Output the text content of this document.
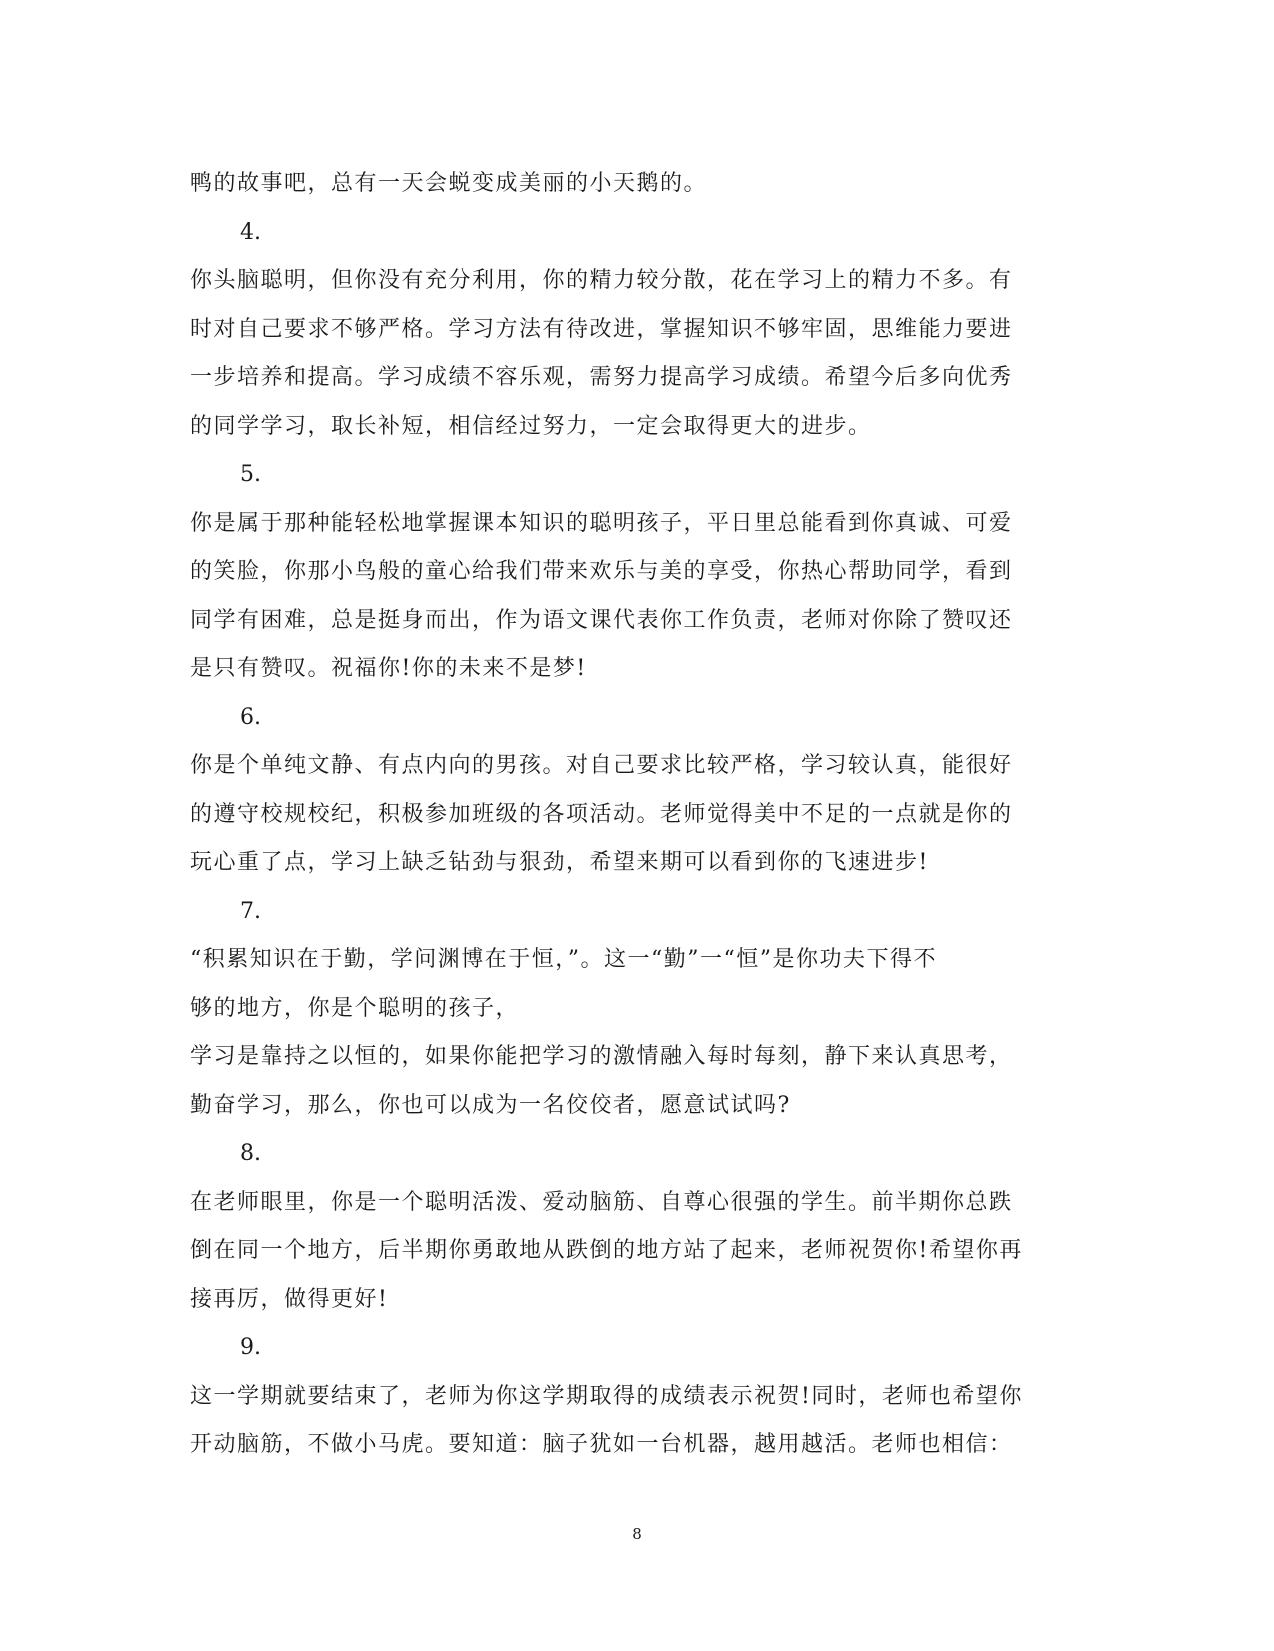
鸭的故事吧，总有一天会蜕变成美丽的小天鹅的。
4.
你头脑聪明，但你没有充分利用，你的精力较分散，花在学习上的精力不多。有
时对自己要求不够严格。学习方法有待改进，掌握知识不够牢固，思维能力要进
一步培养和提高。学习成绩不容乐观，需努力提高学习成绩。希望今后多向优秀
的同学学习，取长补短，相信经过努力，一定会取得更大的进步。
5.
你是属于那种能轻松地掌握课本知识的聪明孩子，平日里总能看到你真诚、可爱
的笑脸，你那小鸟般的童心给我们带来欢乐与美的享受，你热心帮助同学，看到
同学有困难，总是挺身而出，作为语文课代表你工作负责，老师对你除了赞叹还
是只有赞叹。祝福你!你的未来不是梦!
6.
你是个单纯文静、有点内向的男孩。对自己要求比较严格，学习较认真，能很好
的遵守校规校纪，积极参加班级的各项活动。老师觉得美中不足的一点就是你的
玩心重了点，学习上缺乏钻劲与狠劲，希望来期可以看到你的飞速进步!
7.
“积累知识在于勤，学问渊博在于恒，”。这一“勤”一“恒”是你功夫下得不
够的地方，你是个聪明的孩子，
学习是靠持之以恒的，如果你能把学习的激情融入每时每刻，静下来认真思考，
勤奋学习，那么，你也可以成为一名佼佼者，愿意试试吗?
8.
在老师眼里，你是一个聪明活泼、爱动脑筋、自尊心很强的学生。前半期你总跌
倒在同一个地方，后半期你勇敢地从跌倒的地方站了起来，老师祝贺你!希望你再
接再厉，做得更好!
9.
这一学期就要结束了，老师为你这学期取得的成绩表示祝贺!同时，老师也希望你
开动脑筋，不做小马虎。要知道：脑子犹如一台机器，越用越活。老师也相信：
8
